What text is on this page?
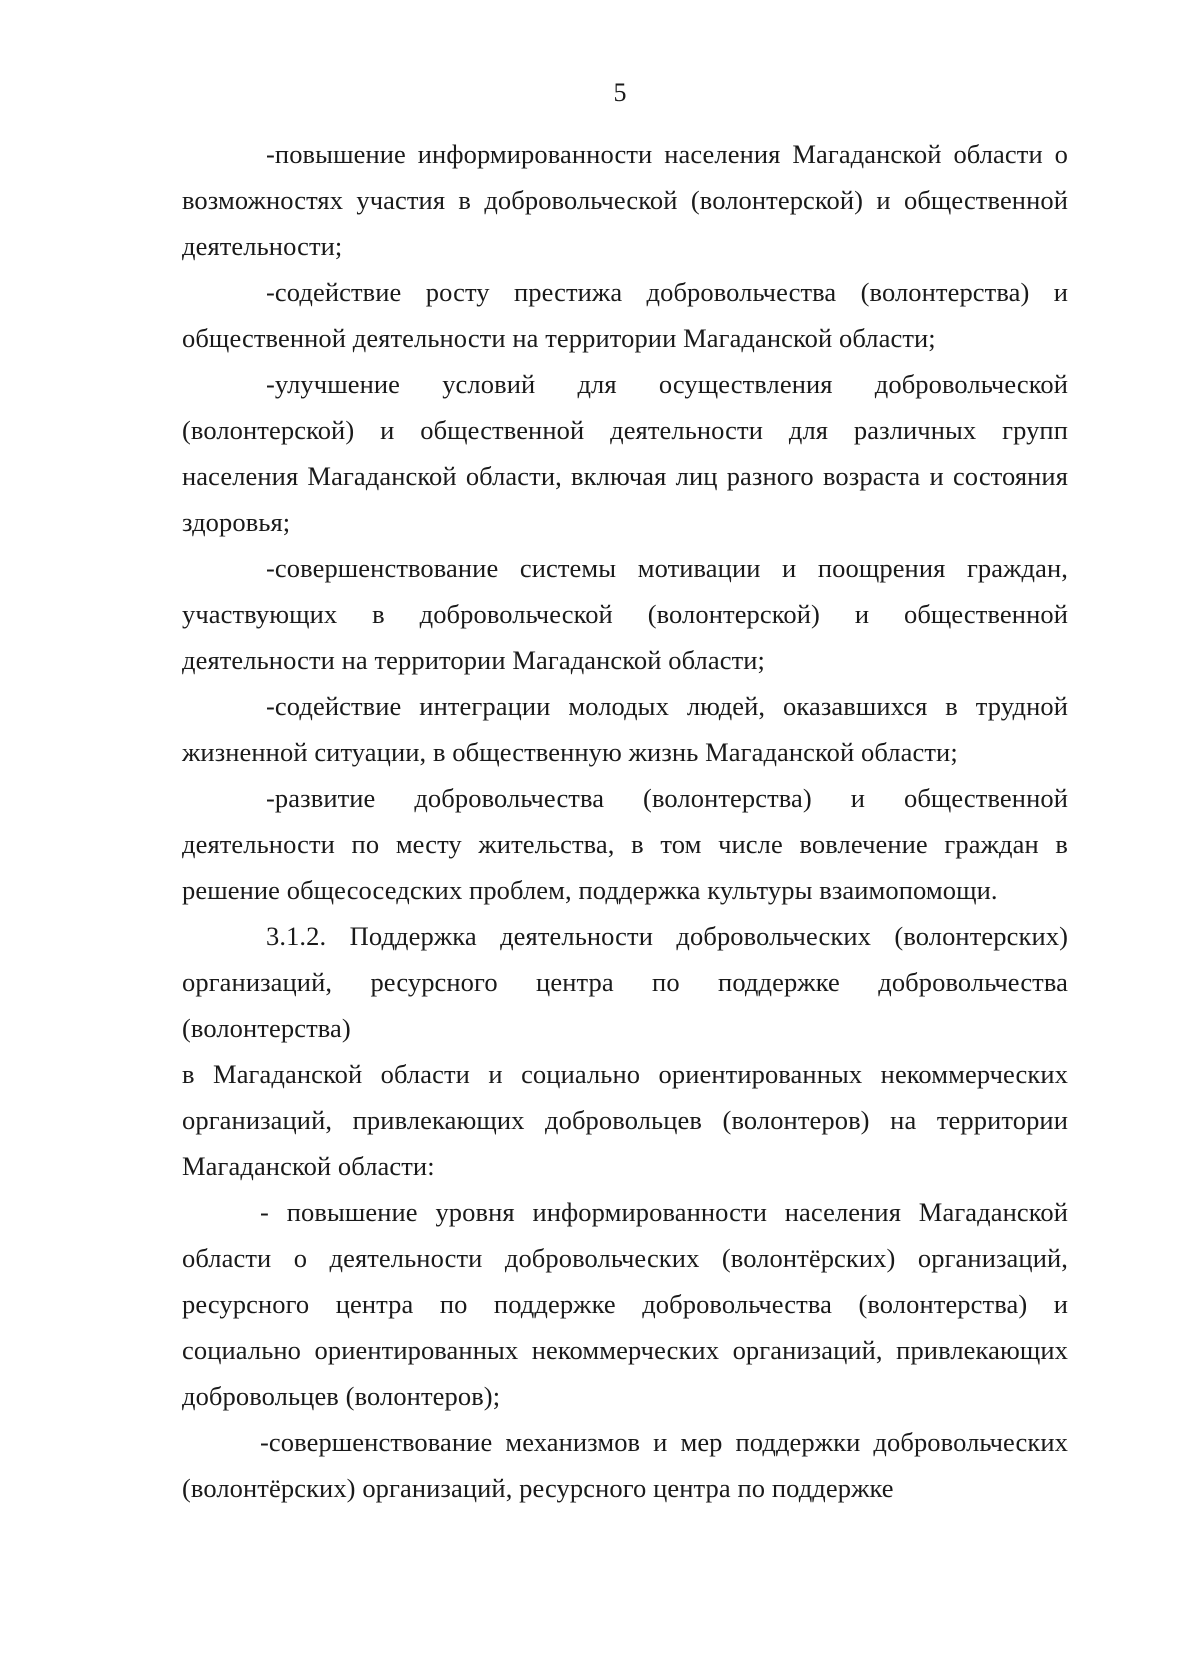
5

-повышение информированности населения Магаданской области о возможностях участия в добровольческой (волонтерской) и общественной деятельности;

-содействие росту престижа добровольчества (волонтерства) и общественной деятельности на территории Магаданской области;

-улучшение условий для осуществления добровольческой (волонтерской) и общественной деятельности для различных групп населения Магаданской области, включая лиц разного возраста и состояния здоровья;

-совершенствование системы мотивации и поощрения граждан, участвующих в добровольческой (волонтерской) и общественной деятельности на территории Магаданской области;

-содействие интеграции молодых людей, оказавшихся в трудной жизненной ситуации, в общественную жизнь Магаданской области;

-развитие добровольчества (волонтерства) и общественной деятельности по месту жительства, в том числе вовлечение граждан в решение общесоседских проблем, поддержка культуры взаимопомощи.

3.1.2. Поддержка деятельности добровольческих (волонтерских) организаций, ресурсного центра по поддержке добровольчества (волонтерства)

в Магаданской области и социально ориентированных некоммерческих организаций, привлекающих добровольцев (волонтеров) на территории Магаданской области:

- повышение уровня информированности населения Магаданской области о деятельности добровольческих (волонтёрских) организаций, ресурсного центра по поддержке добровольчества (волонтерства) и социально ориентированных некоммерческих организаций, привлекающих добровольцев (волонтеров);

-совершенствование механизмов и мер поддержки добровольческих (волонтёрских) организаций, ресурсного центра по поддержке
